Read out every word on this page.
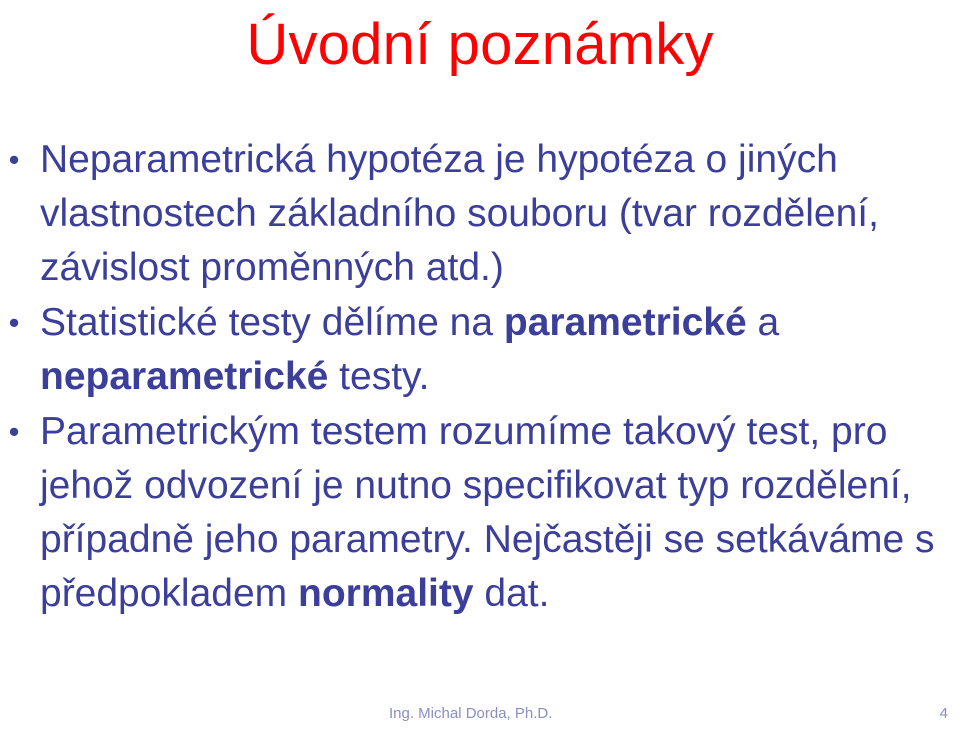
Úvodní poznámky
• Neparametrická hypotéza je hypotéza o jiných vlastnostech základního souboru (tvar rozdělení, závislost proměnných atd.)
• Statistické testy dělíme na parametrické a neparametrické testy.
• Parametrickým testem rozumíme takový test, pro jehož odvození je nutno specifikovat typ rozdělení, případně jeho parametry. Nejčastěji se setkáváme s předpokladem normality dat.
Ing. Michal Dorda, Ph.D.	4
